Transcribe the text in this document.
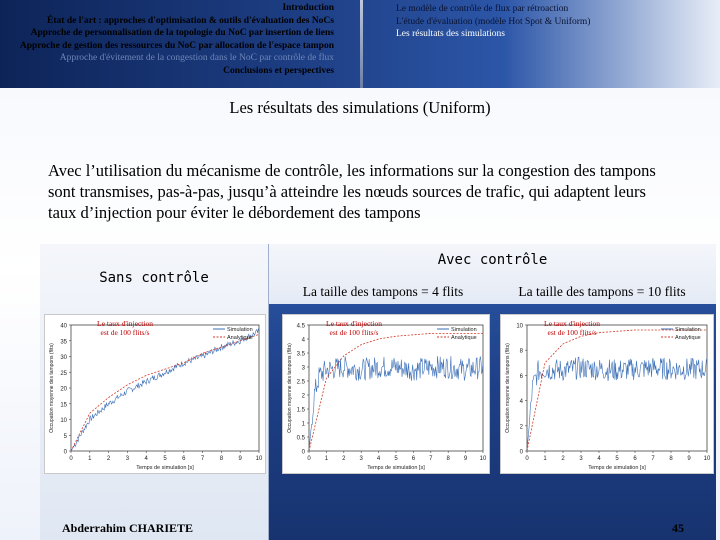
Introduction
État de l'art : approches d'optimisation & outils d'évaluation des NoCs
Approche de personnalisation de la topologie du NoC par insertion de liens
Approche de gestion des ressources du NoC par allocation de l'espace tampon
Approche d'évitement de la congestion dans le NoC par contrôle de flux
Conclusions et perspectives
Le modèle de contrôle de flux par rétroaction
L'étude d'évaluation (modèle Hot Spot & Uniform)
Les résultats des simulations
Les résultats des simulations (Uniform)
Avec l’utilisation du mécanisme de contrôle, les informations sur la congestion des tampons sont transmises, pas-à-pas, jusqu’à atteindre les nœuds sources de trafic, qui adaptent leurs taux d’injection pour éviter le débordement des tampons
Sans contrôle
Avec contrôle
La taille des tampons = 4 flits	La taille des tampons = 10 flits
0
5
10
15
20
25
30
35
40
0	1	2	3	4	5	6	7	8	9 10
Temps de simulation [s]
Occupation moyenne des tampons (flits)
Simulation
Analytique
Le taux d'injection
est de 100 flits/s
0
0.5
1
1.5
2
2.5
3
3.5
4
4.5
0 1 2 3 4 5 6 7 8 9 10
Temps de simulation [s]
Occupation moyenne des tampons (flits)
Simulation
Analytique
Le taux d'injection
est de 100 flits/s
0
2
4
6
8
10
0 1 2 3 4 5 6 7 8 9 10
Temps de simulation [s]
Occupation moyenne des tampons (flits)
Simulation
Analytique
Le taux d'injection
est de 100 flits/s
Abderrahim CHARIETE	45
